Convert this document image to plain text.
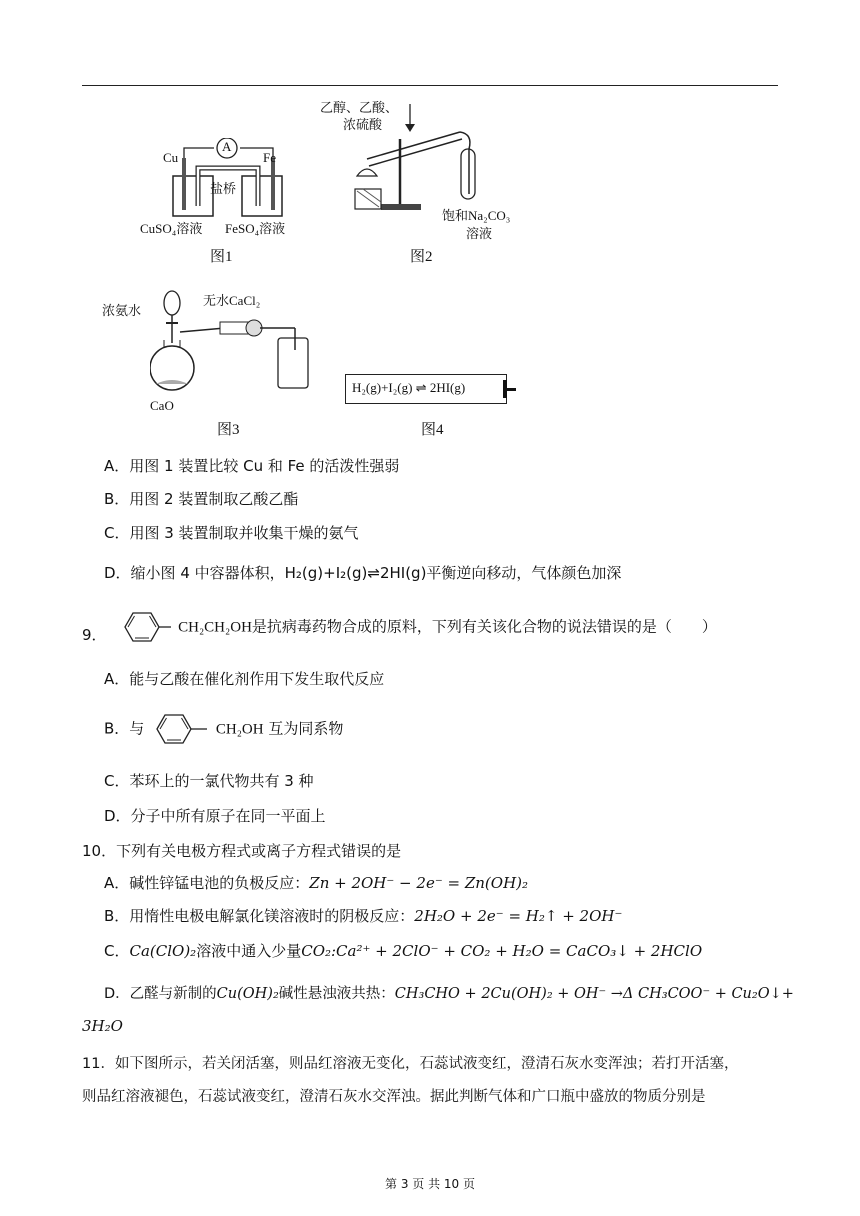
A
Cu	Fe
盐桥
CuSO₄溶液 FeSO₄溶液
图1
乙醇、乙酸、
浓硫酸
饱和Na₂CO₃
溶液
图2
浓氨水
无水CaCl₂
CaO
图3
H₂(g)+I₂(g) ⇌ 2HI(g)
图4
A．用图 1 装置比较 Cu 和 Fe 的活泼性强弱
B．用图 2 装置制取乙酸乙酯
C．用图 3 装置制取并收集干燥的氨气
D．缩小图 4 中容器体积，H₂(g)+I₂(g)⇌2HI(g)平衡逆向移动，气体颜色加深
9．	CH₂CH₂OH是抗病毒药物合成的原料，下列有关该化合物的说法错误的是（　　）
A．能与乙酸在催化剂作用下发生取代反应
B．与	CH₂OH 互为同系物
C．苯环上的一氯代物共有 3 种
D．分子中所有原子在同一平面上
10．下列有关电极方程式或离子方程式错误的是
A．碱性锌锰电池的负极反应：Zn + 2OH⁻ − 2e⁻ = Zn(OH)₂
B．用惰性电极电解氯化镁溶液时的阴极反应：2H₂O + 2e⁻ = H₂↑ + 2OH⁻
C．Ca(ClO)₂溶液中通入少量CO₂:Ca²⁺ + 2ClO⁻ + CO₂ + H₂O = CaCO₃↓ + 2HClO
D．乙醛与新制的Cu(OH)₂碱性悬浊液共热：CH₃CHO + 2Cu(OH)₂ + OH⁻ →Δ CH₃COO⁻ + Cu₂O↓+
3H₂O
11．如下图所示，若关闭活塞，则品红溶液无变化，石蕊试液变红，澄清石灰水变浑浊；若打开活塞，
则品红溶液褪色，石蕊试液变红，澄清石灰水交浑浊。据此判断气体和广口瓶中盛放的物质分别是
第 3 页 共 10 页
